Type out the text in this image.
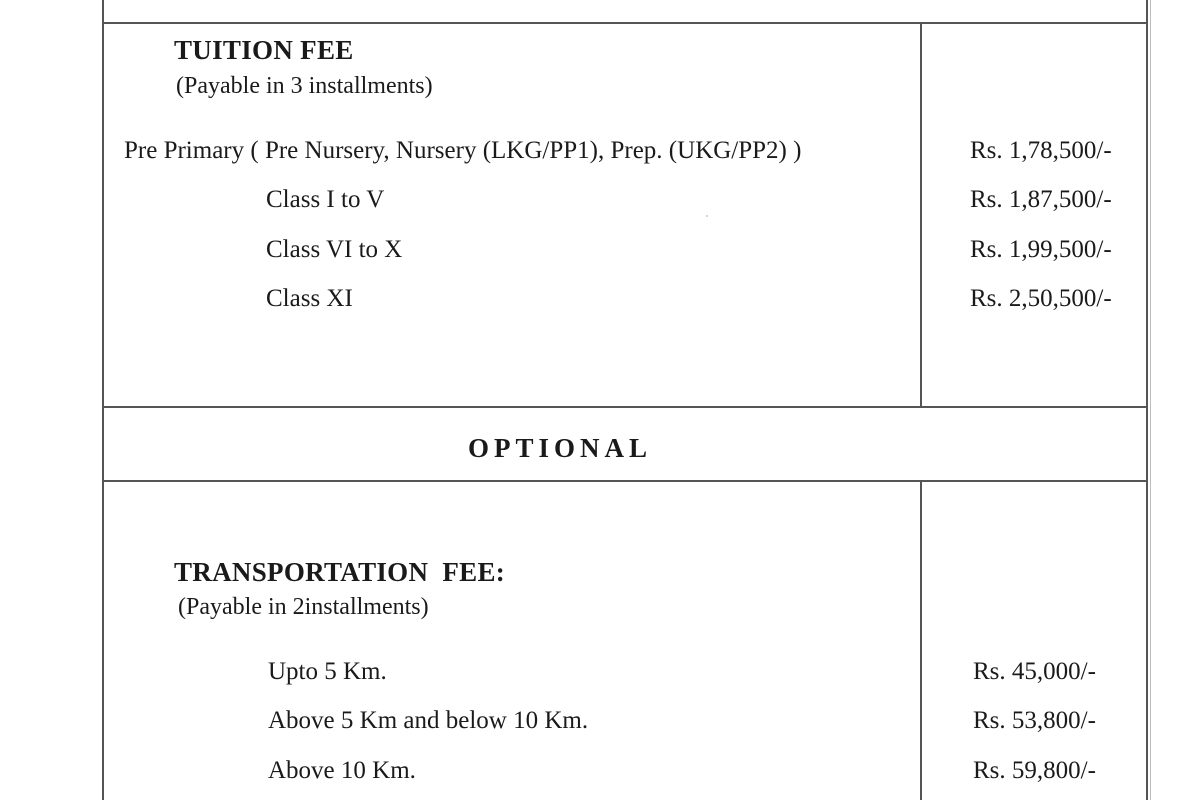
TUITION FEE
(Payable in 3 installments)
Pre Primary ( Pre Nursery, Nursery (LKG/PP1), Prep. (UKG/PP2) )	Rs. 1,78,500/-
Class I to V	Rs. 1,87,500/-
Class VI to X	Rs. 1,99,500/-
Class XI	Rs. 2,50,500/-
OPTIONAL
TRANSPORTATION  FEE:
(Payable in 2installments)
Upto 5 Km.	Rs. 45,000/-
Above 5 Km and below 10 Km.	Rs. 53,800/-
Above 10 Km.	Rs. 59,800/-
